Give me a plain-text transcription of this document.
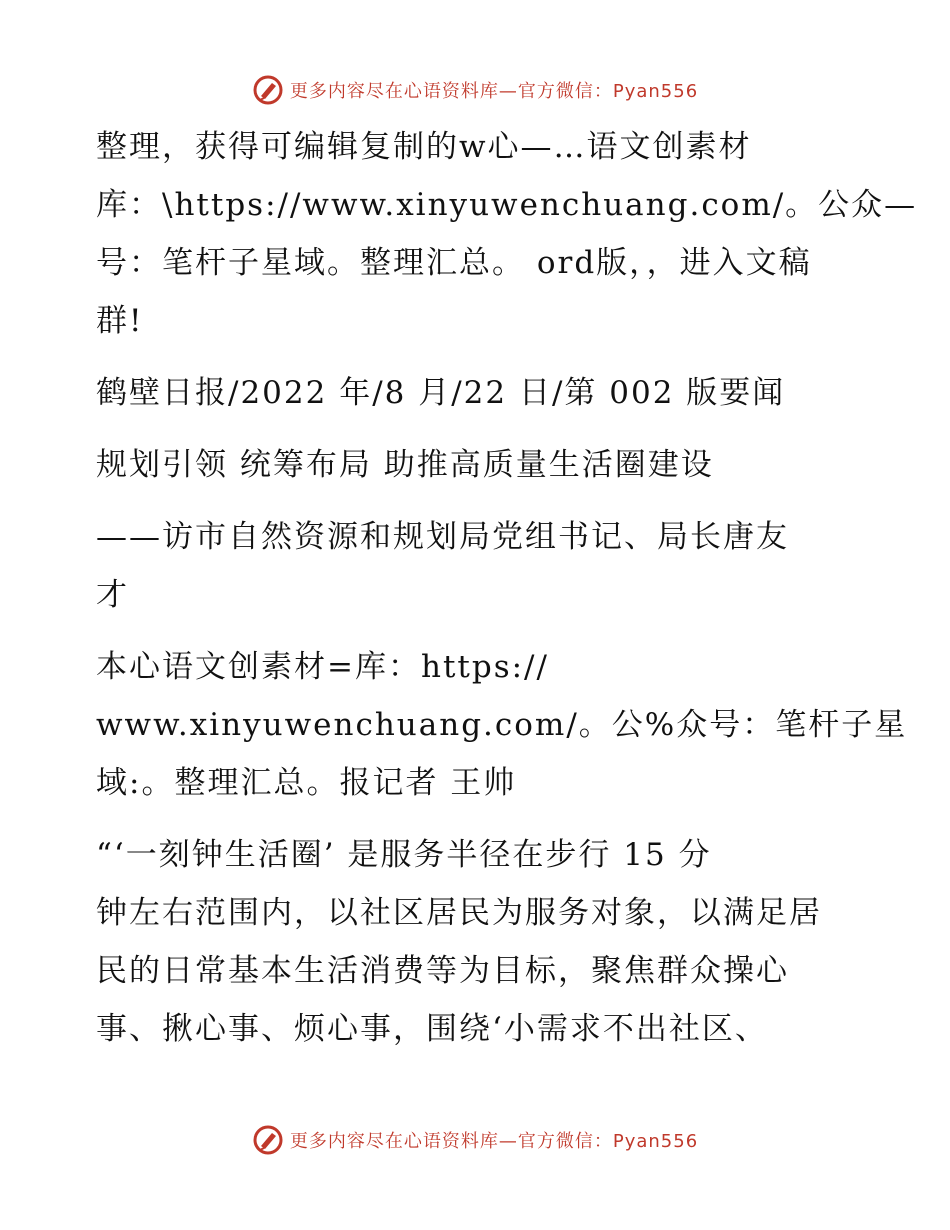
更多内容尽在心语资料库—官方微信：Pyan556
整理，获得可编辑复制的w心—…语文创素材
库：\https://www.xinyuwenchuang.com/。公众—
号：笔杆子星域。整理汇总。 ord版，，进入文稿
群!
鹤壁日报/2022 年/8 月/22 日/第 002 版要闻
规划引领 统筹布局 助推高质量生活圈建设
——访市自然资源和规划局党组书记、局长唐友
才
本心语文创素材=库：https://
www.xinyuwenchuang.com/。公%众号：笔杆子星
域:。整理汇总。报记者 王帅
“‘一刻钟生活圈’ 是服务半径在步行 15 分
钟左右范围内，以社区居民为服务对象，以满足居
民的日常基本生活消费等为目标，聚焦群众操心
事、揪心事、烦心事，围绕‘小需求不出社区、
更多内容尽在心语资料库—官方微信：Pyan556
